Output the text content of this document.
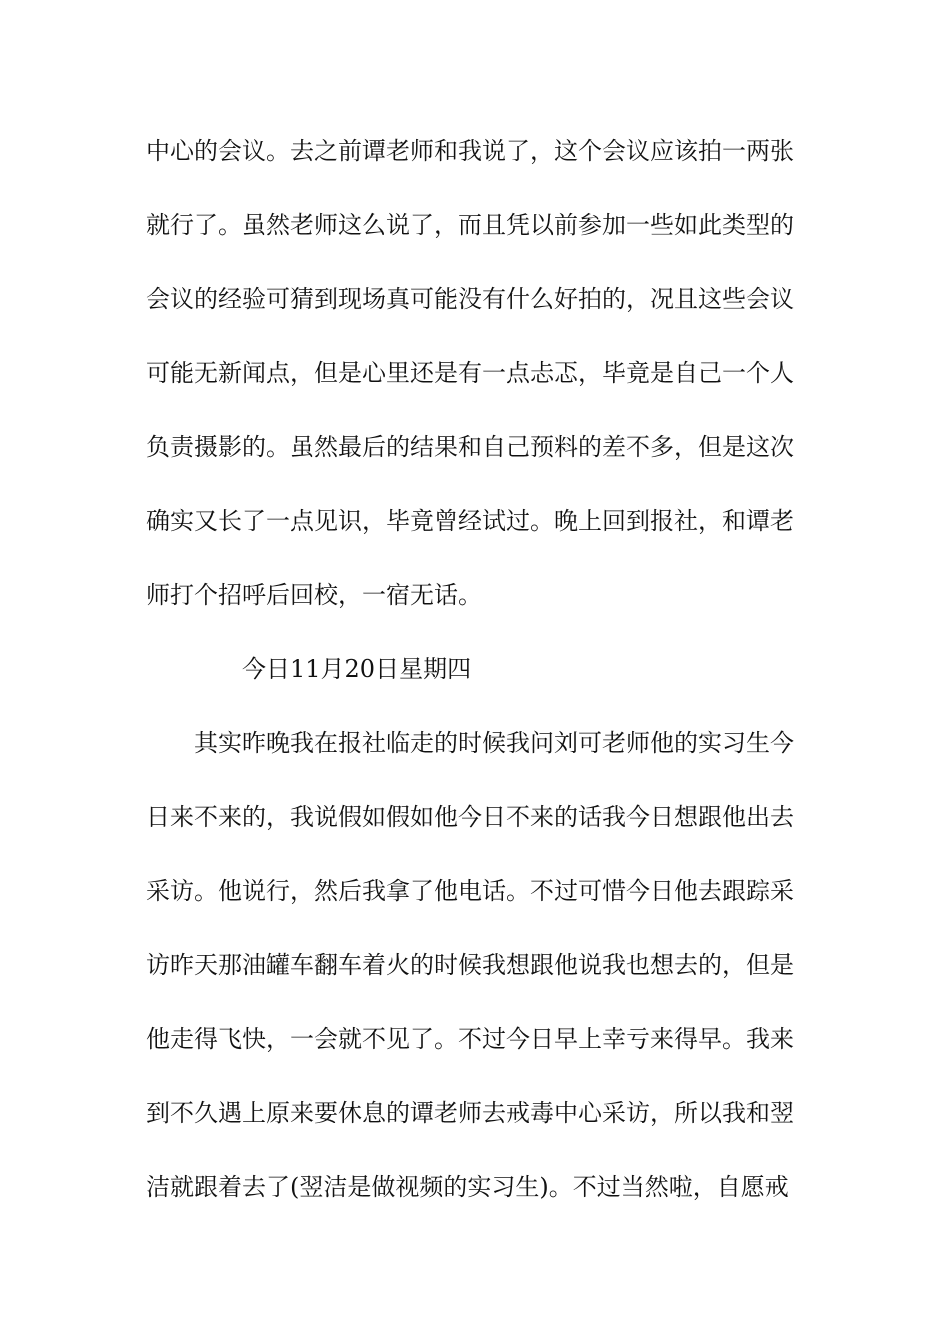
中心的会议。去之前谭老师和我说了，这个会议应该拍一两张
就行了。虽然老师这么说了，而且凭以前参加一些如此类型的
会议的经验可猜到现场真可能没有什么好拍的，况且这些会议
可能无新闻点，但是心里还是有一点忐忑，毕竟是自己一个人
负责摄影的。虽然最后的结果和自己预料的差不多，但是这次
确实又长了一点见识，毕竟曾经试过。晚上回到报社，和谭老
师打个招呼后回校，一宿无话。
今日11月20日星期四
其实昨晚我在报社临走的时候我问刘可老师他的实习生今
日来不来的，我说假如假如他今日不来的话我今日想跟他出去
采访。他说行，然后我拿了他电话。不过可惜今日他去跟踪采
访昨天那油罐车翻车着火的时候我想跟他说我也想去的，但是
他走得飞快，一会就不见了。不过今日早上幸亏来得早。我来
到不久遇上原来要休息的谭老师去戒毒中心采访，所以我和翌
洁就跟着去了(翌洁是做视频的实习生)。不过当然啦，自愿戒
